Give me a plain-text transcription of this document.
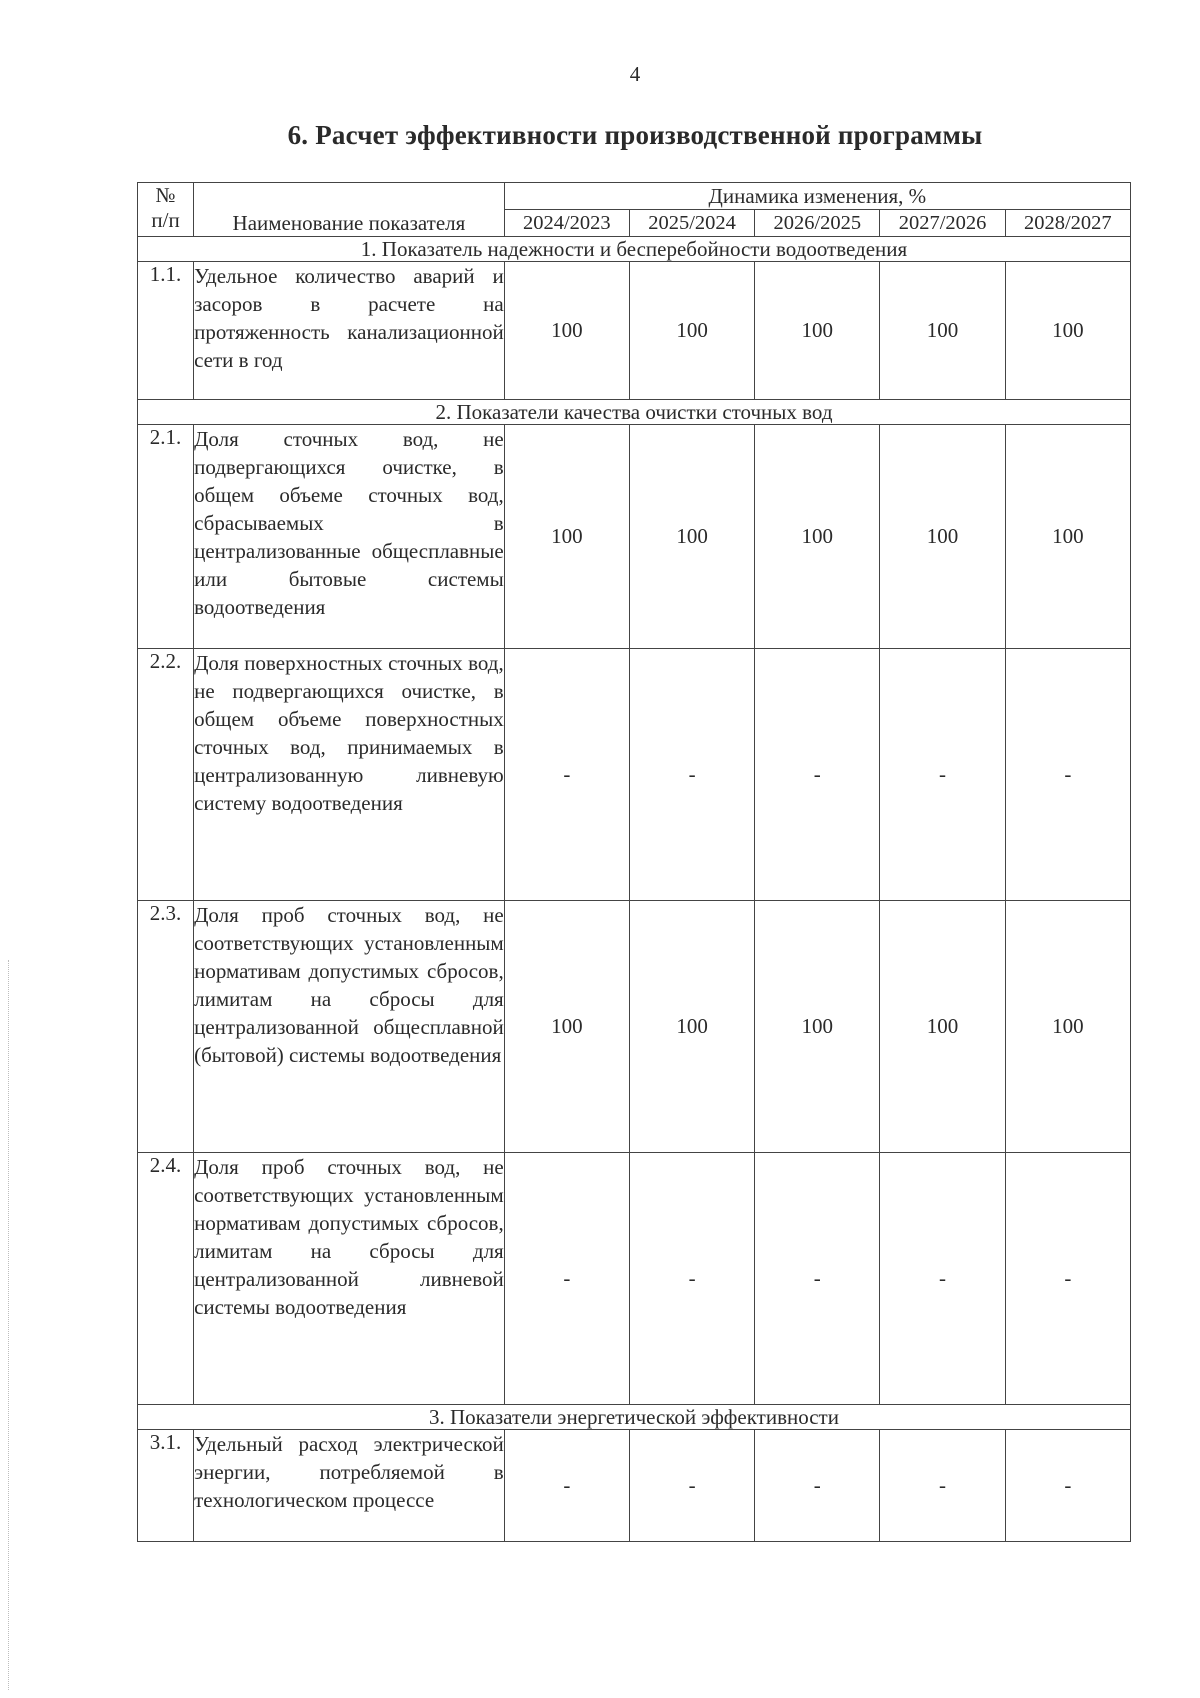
4
6. Расчет эффективности производственной программы
№
п/п	Наименование показателя	Динамика изменения, %				
		2024/2023	2025/2024	2026/2025	2027/2026	2028/2027
1. Показатель надежности и бесперебойности водоотведения						
1.1.	Удельное количество аварий и засоров в расчете на протяженность канализационной сети в год	100	100	100	100	100
2. Показатели качества очистки сточных вод						
2.1.	Доля сточных вод, не подвергающихся очистке, в общем объеме сточных вод, сбрасываемых в централизованные общесплавные или бытовые системы водоотведения	100	100	100	100	100
2.2.	Доля поверхностных сточных вод, не подвергающихся очистке, в общем объеме поверхностных сточных вод, принимаемых в централизованную ливневую систему водоотведения	-	-	-	-	-
2.3.	Доля проб сточных вод, не соответствующих установленным нормативам допустимых сбросов, лимитам на сбросы для централизованной общесплавной (бытовой) системы водоотведения	100	100	100	100	100
2.4.	Доля проб сточных вод, не соответствующих установленным нормативам допустимых сбросов, лимитам на сбросы для централизованной ливневой системы водоотведения	-	-	-	-	-
3. Показатели энергетической эффективности						
3.1.	Удельный расход электрической энергии, потребляемой в технологическом процессе	-	-	-	-	-
